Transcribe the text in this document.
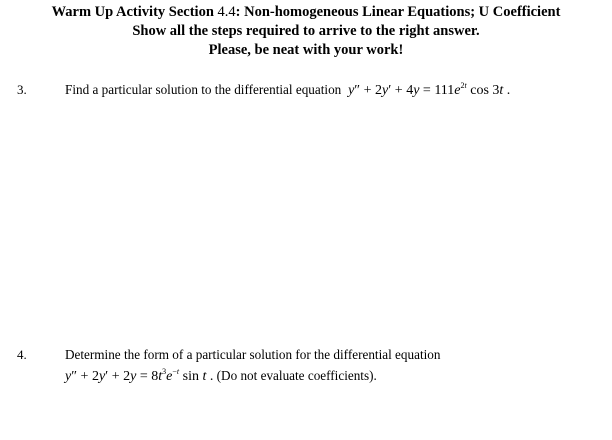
Warm Up Activity Section 4.4: Non-homogeneous Linear Equations; U Coefficient
Show all the steps required to arrive to the right answer.
Please, be neat with your work!
3.	Find a particular solution to the differential equation $y'' + 2y' + 4y = 111e^{2t}$ cos 3t .
4.	Determine the form of a particular solution for the differential equation
$y'' + 2y' + 2y = 8t^3e^{-t}$ sin t . (Do not evaluate coefficients).
